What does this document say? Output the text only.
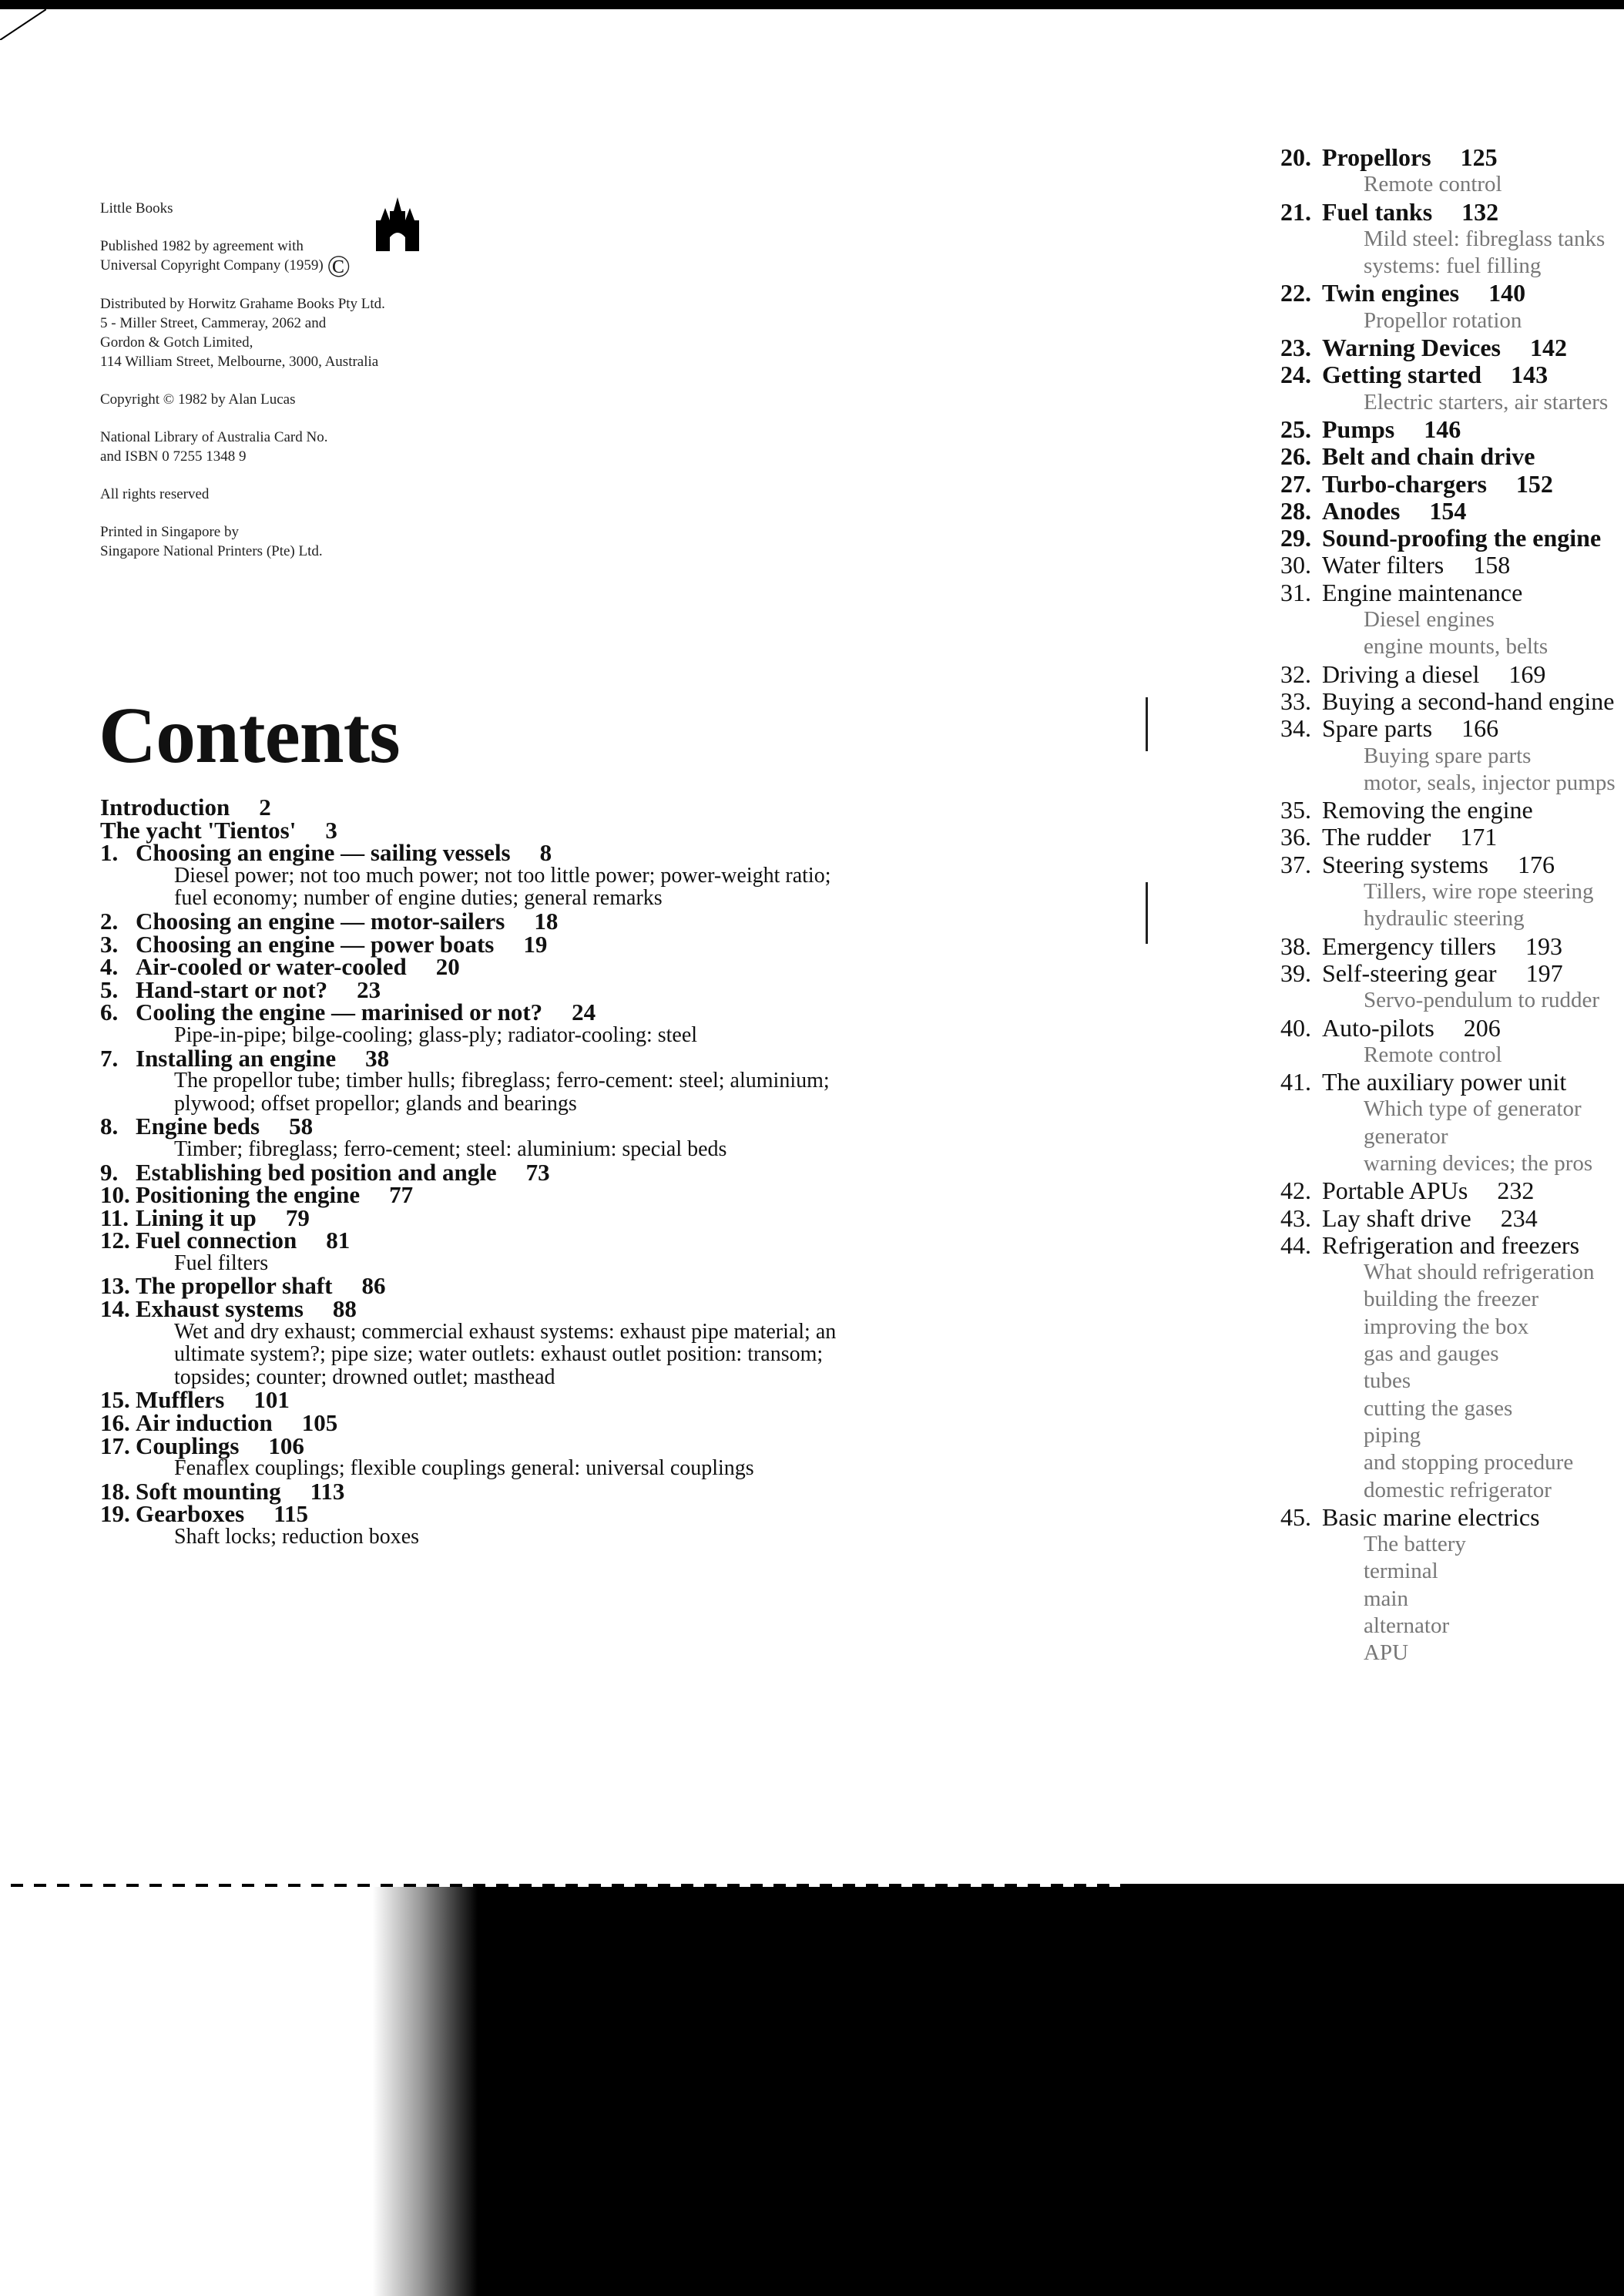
Little Books

Published 1982 by agreement with
Universal Copyright Company (1959) ©

Distributed by Horwitz Grahame Books Pty Ltd.
5 - Miller Street, Cammeray, 2062 and
Gordon & Gotch Limited,
114 William Street, Melbourne, 3000, Australia

Copyright © 1982 by Alan Lucas

National Library of Australia Card No.
and ISBN 0 7255 1348 9

All rights reserved

Printed in Singapore by
Singapore National Printers (Pte) Ltd.

Contents
Introduction 2
The yacht 'Tientos' 3
1. Choosing an engine — sailing vessels 8
Diesel power; not too much power; not too little power; power-weight ratio;
fuel economy; number of engine duties; general remarks
2. Choosing an engine — motor-sailers 18
3. Choosing an engine — power boats 19
4. Air-cooled or water-cooled 20
5. Hand-start or not? 23
6. Cooling the engine — marinised or not? 24
Pipe-in-pipe; bilge-cooling; glass-ply; radiator-cooling: steel
7. Installing an engine 38
The propellor tube; timber hulls; fibreglass; ferro-cement: steel; aluminium;
plywood; offset propellor; glands and bearings
8. Engine beds 58
Timber; fibreglass; ferro-cement; steel: aluminium: special beds
9. Establishing bed position and angle 73
10. Positioning the engine 77
11. Lining it up 79
12. Fuel connection 81
Fuel filters
13. The propellor shaft 86
14. Exhaust systems 88
Wet and dry exhaust; commercial exhaust systems: exhaust pipe material; an
ultimate system?; pipe size; water outlets: exhaust outlet position: transom;
topsides; counter; drowned outlet; masthead
15. Mufflers 101
16. Air induction 105
17. Couplings 106
Fenaflex couplings; flexible couplings general: universal couplings
18. Soft mounting 113
19. Gearboxes 115
Shaft locks; reduction boxes
20. Propellors 125
Remote control
21. Fuel tanks 132
Mild steel: fibreglass tanks
systems: fuel filling
22. Twin engines 140
Propellor rotation
23. Warning Devices 142
24. Getting started 143
Electric starters, air starters
25. Pumps 146
26. Belt and chain drive
27. Turbo-chargers 152
28. Anodes 154
29. Sound-proofing the engine
30. Water filters 158
31. Engine maintenance
Diesel engines
engine mounts, belts
32. Driving a diesel 169
33. Buying a second-hand engine
34. Spare parts 166
Buying spare parts
motor, seals, injector pumps
35. Removing the engine
36. The rudder 171
37. Steering systems 176
Tillers, wire rope steering
hydraulic steering
38. Emergency tillers 193
39. Self-steering gear 197
Servo-pendulum to rudder
40. Auto-pilots 206
Remote control
41. The auxiliary power unit
Which type of generator
generator
warning devices; the pros
42. Portable APUs 232
43. Lay shaft drive 234
44. Refrigeration and freezers
What should refrigeration
building the freezer
improving the box
gas and gauges
tubes
cutting the gases
piping
and stopping procedure
domestic refrigerator
45. Basic marine electrics
The battery
terminal
main
alternator
APU
